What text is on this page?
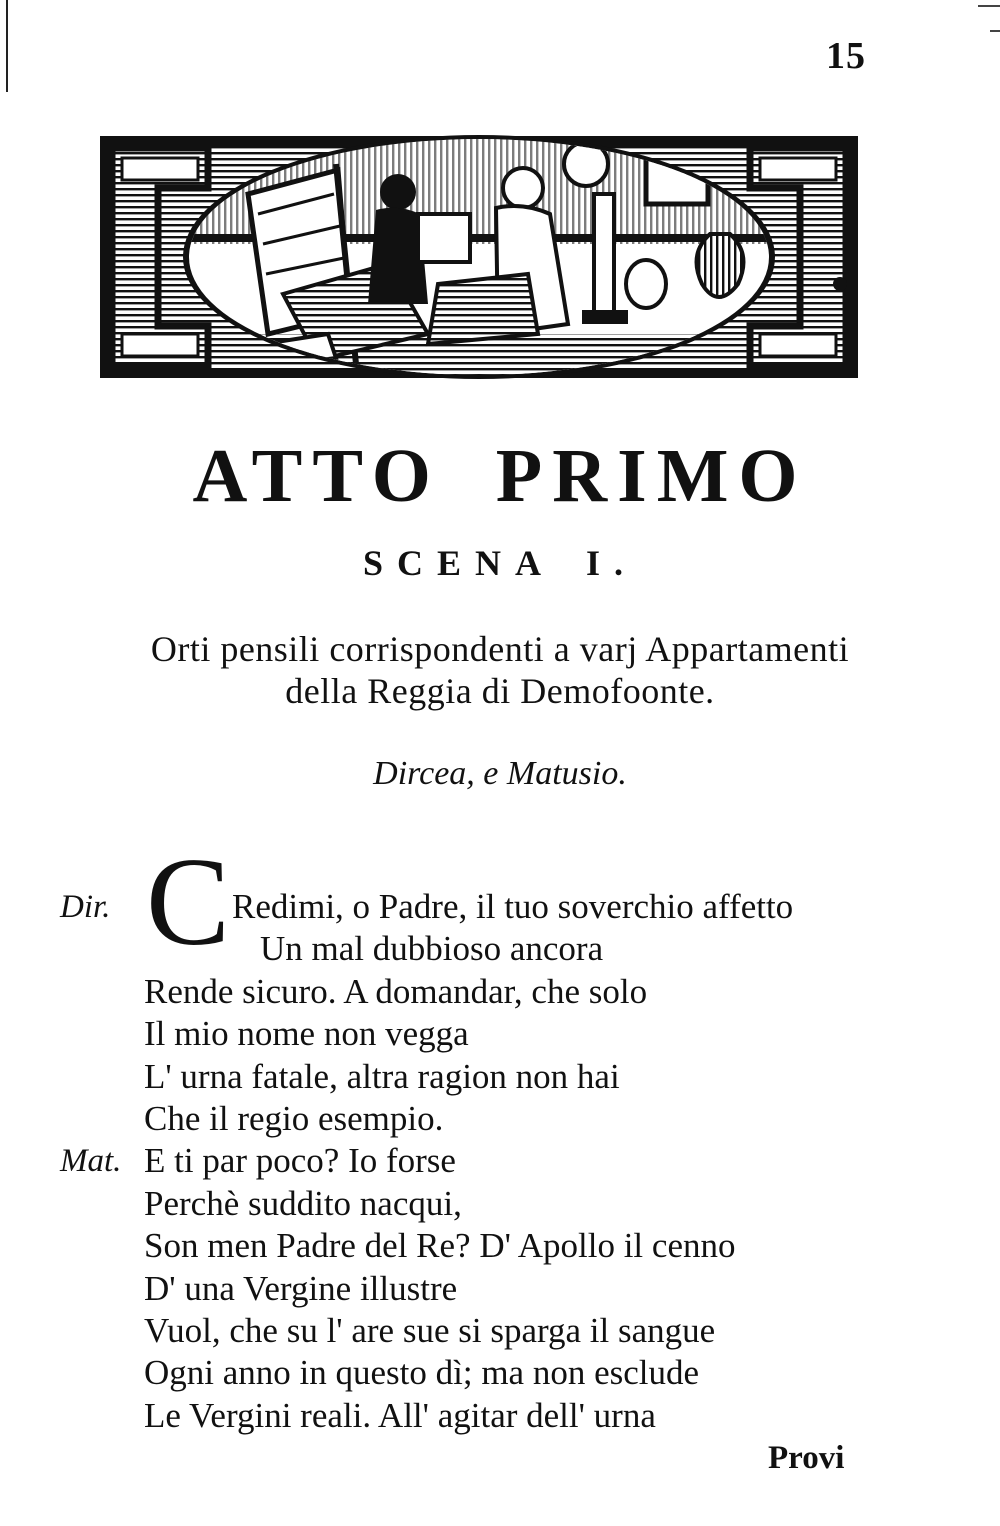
15
ATTO PRIMO
SCENA I.
Orti pensili corrispondenti a varj Appartamenti
della Reggia di Demofoonte.
Dircea, e Matusio.
C
Dir.	Redimi, o Padre, il tuo soverchio affetto
Un mal dubbioso ancora
Rende sicuro. A domandar, che solo
Il mio nome non vegga
L' urna fatale, altra ragion non hai
Che il regio esempio.
Mat. E ti par poco? Io forse
Perchè suddito nacqui,
Son men Padre del Re? D' Apollo il cenno
D' una Vergine illustre
Vuol, che su l' are sue si sparga il sangue
Ogni anno in questo dì; ma non esclude
Le Vergini reali. All' agitar dell' urna
Provi
